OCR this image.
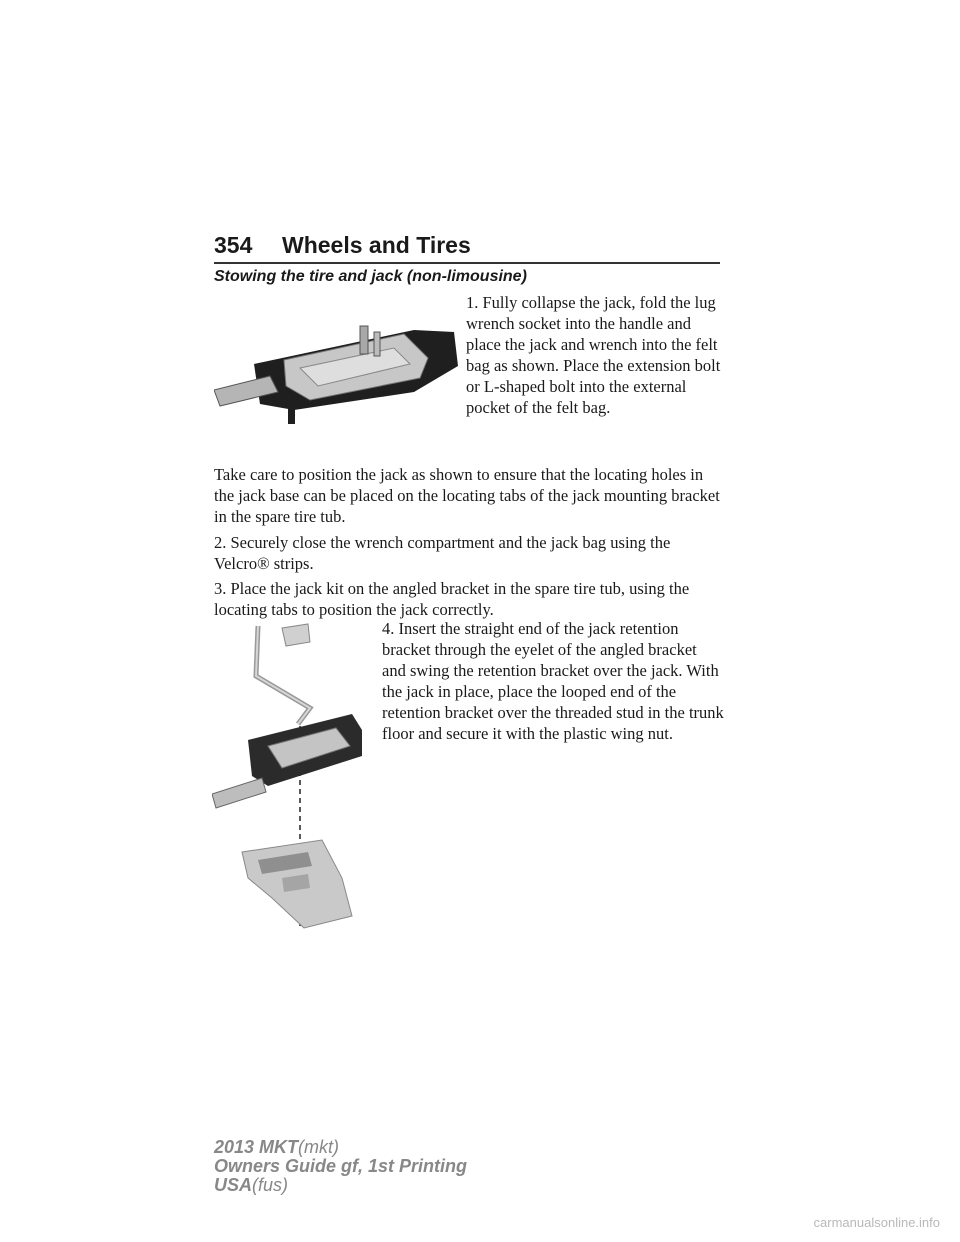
354 Wheels and Tires
Stowing the tire and jack (non-limousine)
1. Fully collapse the jack, fold the lug wrench socket into the handle and place the jack and wrench into the felt bag as shown. Place the extension bolt or L-shaped bolt into the external pocket of the felt bag.
Take care to position the jack as shown to ensure that the locating holes in the jack base can be placed on the locating tabs of the jack mounting bracket in the spare tire tub.
2. Securely close the wrench compartment and the jack bag using the Velcro® strips.
3. Place the jack kit on the angled bracket in the spare tire tub, using the locating tabs to position the jack correctly.
4. Insert the straight end of the jack retention bracket through the eyelet of the angled bracket and swing the retention bracket over the jack. With the jack in place, place the looped end of the retention bracket over the threaded stud in the trunk floor and secure it with the plastic wing nut.
2013 MKT(mkt)
Owners Guide gf, 1st Printing
USA(fus)
carmanualsonline.info
